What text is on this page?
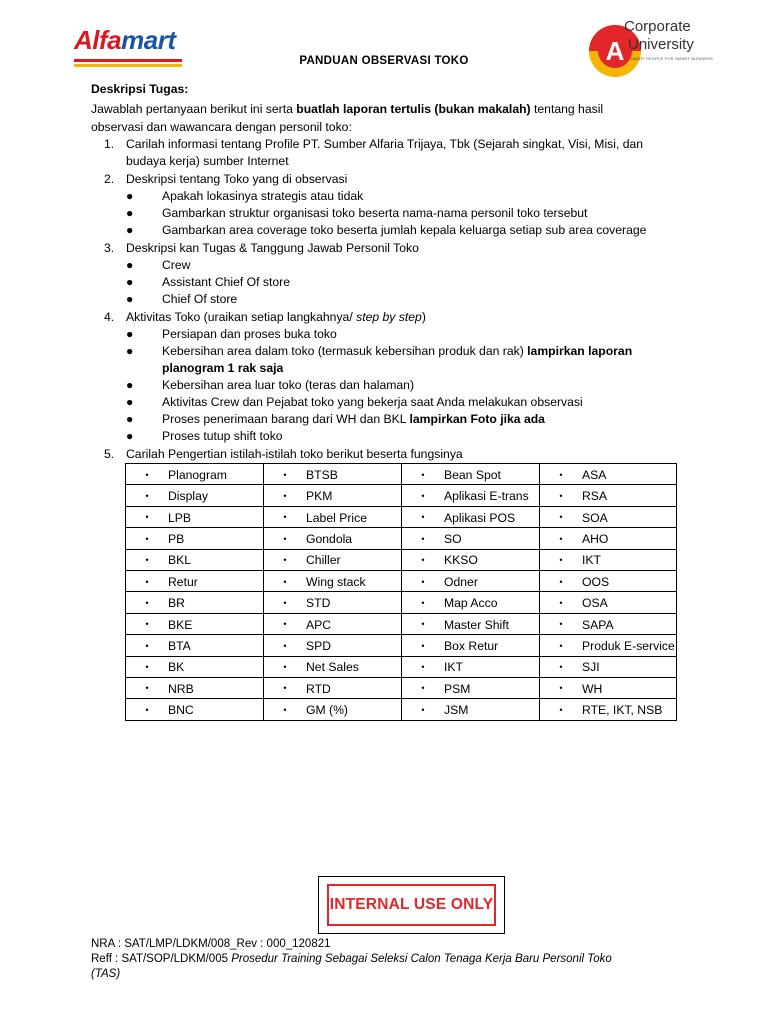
Alfamart	A
Corporate
University
SMART PEOPLE FOR SMART BUSINESS
PANDUAN OBSERVASI TOKO
Deskripsi Tugas:
Jawablah pertanyaan berikut ini serta buatlah laporan tertulis (bukan makalah) tentang hasil
observasi dan wawancara dengan personil toko:
1. Carilah informasi tentang Profile PT. Sumber Alfaria Trijaya, Tbk (Sejarah singkat, Visi, Misi, dan
budaya kerja) sumber Internet
2. Deskripsi tentang Toko yang di observasi
● Apakah lokasinya strategis atau tidak
● Gambarkan struktur organisasi toko beserta nama-nama personil toko tersebut
● Gambarkan area coverage toko beserta jumlah kepala keluarga setiap sub area coverage
3. Deskripsi kan Tugas & Tanggung Jawab Personil Toko
● Crew
● Assistant Chief Of store
● Chief Of store
4. Aktivitas Toko (uraikan setiap langkahnya/ step by step)
● Persiapan dan proses buka toko
● Kebersihan area dalam toko (termasuk kebersihan produk dan rak) lampirkan laporan
planogram 1 rak saja
● Kebersihan area luar toko (teras dan halaman)
● Aktivitas Crew dan Pejabat toko yang bekerja saat Anda melakukan observasi
● Proses penerimaan barang dari WH dan BKL lampirkan Foto jika ada
● Proses tutup shift toko
5. Carilah Pengertian istilah-istilah toko berikut beserta fungsinya
• Planogram	• BTSB	• Bean Spot	• ASA
• Display	• PKM	• Aplikasi E-trans	• RSA
• LPB	• Label Price	• Aplikasi POS	• SOA
• PB	• Gondola	• SO	• AHO
• BKL	• Chiller	• KKSO	• IKT
• Retur	• Wing stack	• Odner	• OOS
• BR	• STD	• Map Acco	• OSA
• BKE	• APC	• Master Shift	• SAPA
• BTA	• SPD	• Box Retur	• Produk E-service
• BK	• Net Sales	• IKT	• SJI
• NRB	• RTD	• PSM	• WH
• BNC	• GM (%)	• JSM	• RTE, IKT, NSB
INTERNAL USE ONLY
NRA : SAT/LMP/LDKM/008_Rev : 000_120821
Reff : SAT/SOP/LDKM/005 Prosedur Training Sebagai Seleksi Calon Tenaga Kerja Baru Personil Toko
(TAS)
